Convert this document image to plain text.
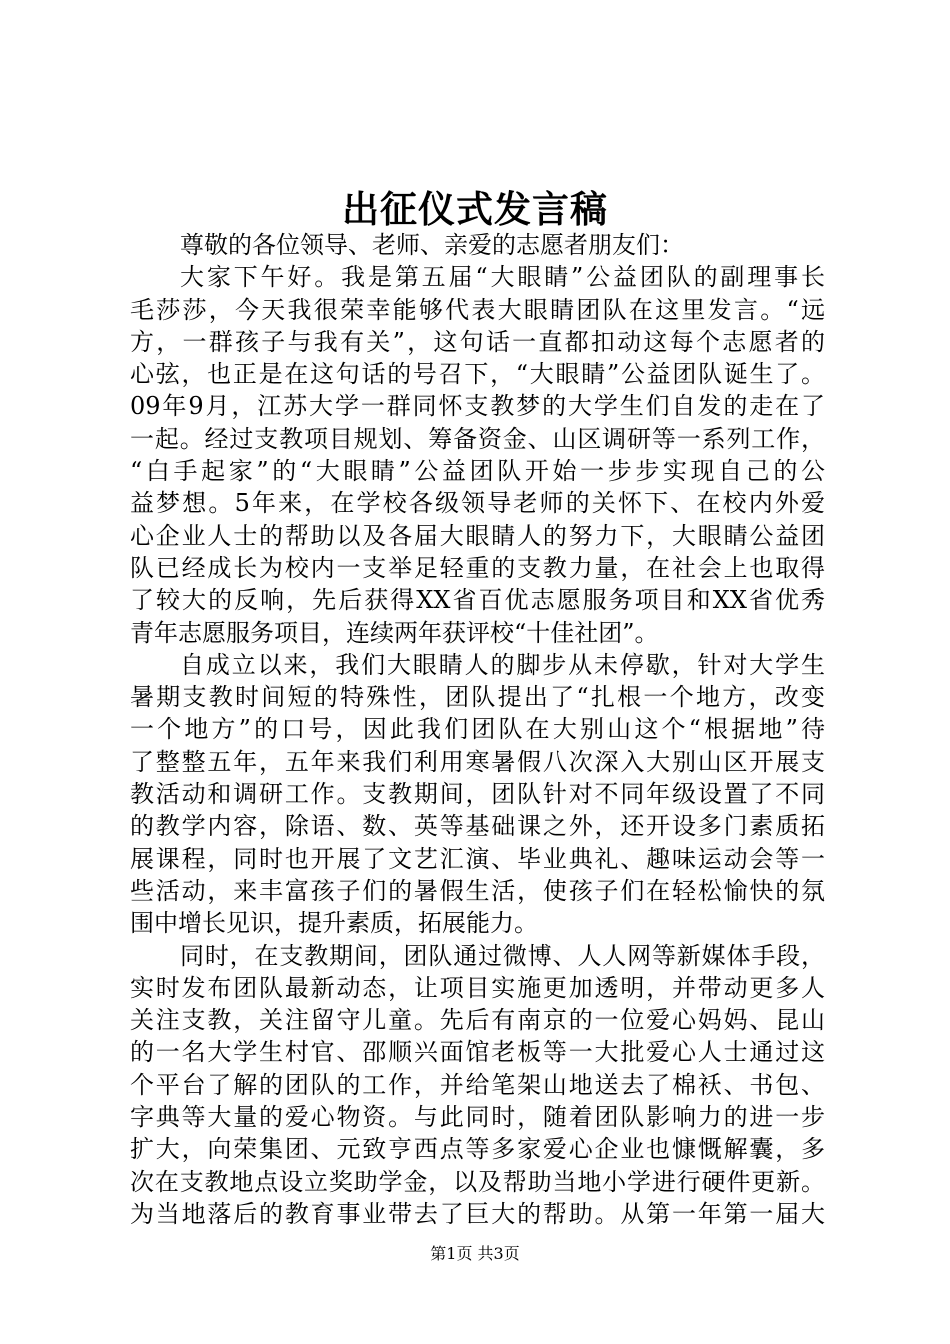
出征仪式发言稿
尊敬的各位领导、老师、亲爱的志愿者朋友们：
大家下午好。我是第五届“大眼睛”公益团队的副理事长
毛莎莎，今天我很荣幸能够代表大眼睛团队在这里发言。“远
方，一群孩子与我有关”，这句话一直都扣动这每个志愿者的
心弦，也正是在这句话的号召下，“大眼睛”公益团队诞生了。
09年9月，江苏大学一群同怀支教梦的大学生们自发的走在了
一起。经过支教项目规划、筹备资金、山区调研等一系列工作，
“白手起家”的“大眼睛”公益团队开始一步步实现自己的公
益梦想。5年来，在学校各级领导老师的关怀下、在校内外爱
心企业人士的帮助以及各届大眼睛人的努力下，大眼睛公益团
队已经成长为校内一支举足轻重的支教力量，在社会上也取得
了较大的反响，先后获得XX省百优志愿服务项目和XX省优秀
青年志愿服务项目，连续两年获评校“十佳社团”。
自成立以来，我们大眼睛人的脚步从未停歇，针对大学生
暑期支教时间短的特殊性，团队提出了“扎根一个地方，改变
一个地方”的口号，因此我们团队在大别山这个“根据地”待
了整整五年，五年来我们利用寒暑假八次深入大别山区开展支
教活动和调研工作。支教期间，团队针对不同年级设置了不同
的教学内容，除语、数、英等基础课之外，还开设多门素质拓
展课程，同时也开展了文艺汇演、毕业典礼、趣味运动会等一
些活动，来丰富孩子们的暑假生活，使孩子们在轻松愉快的氛
围中增长见识，提升素质，拓展能力。
同时，在支教期间，团队通过微博、人人网等新媒体手段，
实时发布团队最新动态，让项目实施更加透明，并带动更多人
关注支教，关注留守儿童。先后有南京的一位爱心妈妈、昆山
的一名大学生村官、邵顺兴面馆老板等一大批爱心人士通过这
个平台了解的团队的工作，并给笔架山地送去了棉袄、书包、
字典等大量的爱心物资。与此同时，随着团队影响力的进一步
扩大，向荣集团、元致亨西点等多家爱心企业也慷慨解囊，多
次在支教地点设立奖助学金，以及帮助当地小学进行硬件更新。
为当地落后的教育事业带去了巨大的帮助。从第一年第一届大
第1页 共3页
